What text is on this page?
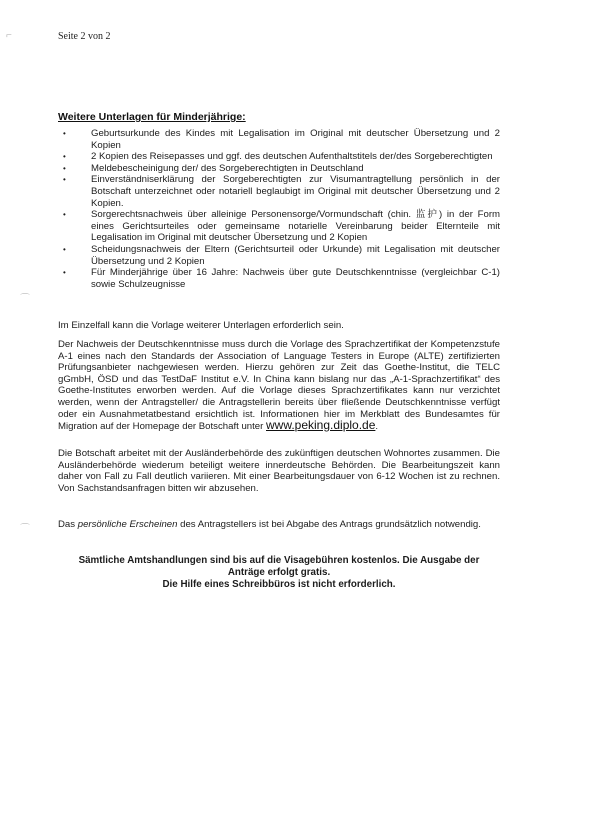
⌐
⌒
⌒
Seite 2 von 2
Weitere Unterlagen für Minderjährige:
• Geburtsurkunde des Kindes mit Legalisation im Original mit deutscher Übersetzung und 2 Kopien
• 2 Kopien des Reisepasses und ggf. des deutschen Aufenthaltstitels der/des Sorgeberechtigten
• Meldebescheinigung der/ des Sorgeberechtigten in Deutschland
• Einverständniserklärung der Sorgeberechtigten zur Visumantragtellung persönlich in der Botschaft unterzeichnet oder notariell beglaubigt im Original mit deutscher Übersetzung und 2 Kopien.
• Sorgerechtsnachweis über alleinige Personensorge/Vormundschaft (chin. 监护) in der Form eines Gerichtsurteiles oder gemeinsame notarielle Vereinbarung beider Elternteile mit Legalisation im Original mit deutscher Übersetzung und 2 Kopien
• Scheidungsnachweis der Eltern (Gerichtsurteil oder Urkunde) mit Legalisation mit deutscher Übersetzung und 2 Kopien
• Für Minderjährige über 16 Jahre: Nachweis über gute Deutschkenntnisse (vergleichbar C-1) sowie Schulzeugnisse

Im Einzelfall kann die Vorlage weiterer Unterlagen erforderlich sein.

Der Nachweis der Deutschkenntnisse muss durch die Vorlage des Sprachzertifikat der Kompetenzstufe A-1 eines nach den Standards der Association of Language Testers in Europe (ALTE) zertifizierten Prüfungsanbieter nachgewiesen werden. Hierzu gehören zur Zeit das Goethe-Institut, die TELC gGmbH, ÖSD und das TestDaF Institut e.V. In China kann bislang nur das „A-1-Sprachzertifikat“ des Goethe-Institutes erworben werden. Auf die Vorlage dieses Sprachzertifikates kann nur verzichtet werden, wenn der Antragsteller/ die Antragstellerin bereits über fließende Deutschkenntnisse verfügt oder ein Ausnahmetatbestand ersichtlich ist. Informationen hier im Merkblatt des Bundesamtes für Migration auf der Homepage der Botschaft unter www.peking.diplo.de.

Die Botschaft arbeitet mit der Ausländerbehörde des zukünftigen deutschen Wohnortes zusammen. Die Ausländerbehörde wiederum beteiligt weitere innerdeutsche Behörden. Die Bearbeitungszeit kann daher von Fall zu Fall deutlich variieren. Mit einer Bearbeitungsdauer von 6-12 Wochen ist zu rechnen. Von Sachstandsanfragen bitten wir abzusehen.

Das persönliche Erscheinen des Antragstellers ist bei Abgabe des Antrags grundsätzlich notwendig.

Sämtliche Amtshandlungen sind bis auf die Visagebühren kostenlos. Die Ausgabe der
Anträge erfolgt gratis.
Die Hilfe eines Schreibbüros ist nicht erforderlich.
